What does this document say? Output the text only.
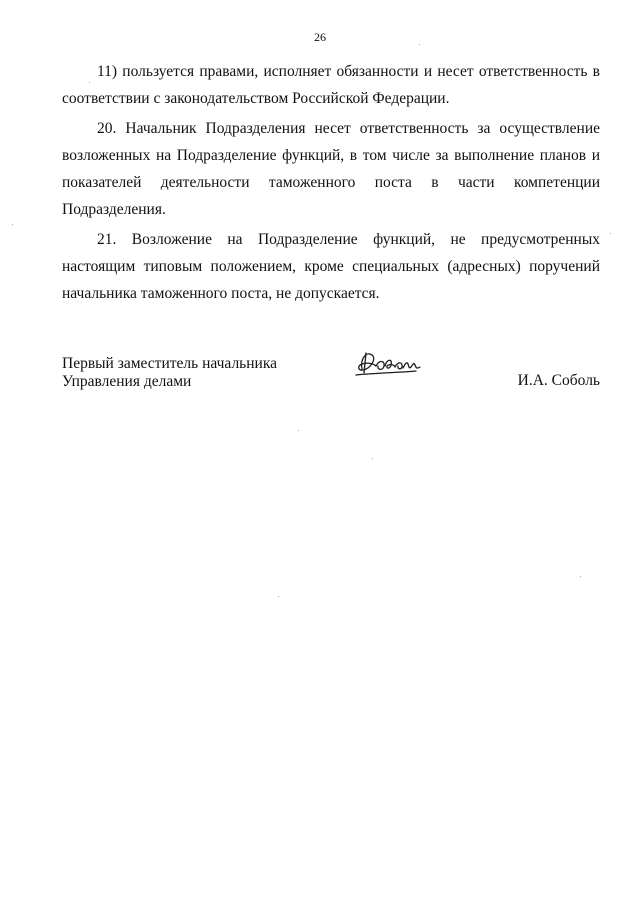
26

11) пользуется правами, исполняет обязанности и несет ответственность в соответствии с законодательством Российской Федерации.

20. Начальник Подразделения несет ответственность за осуществление возложенных на Подразделение функций, в том числе за выполнение планов и показателей деятельности таможенного поста в части компетенции Подразделения.

21. Возложение на Подразделение функций, не предусмотренных настоящим типовым положением, кроме специальных (адресных) поручений начальника таможенного поста, не допускается.

Первый заместитель начальника
Управления делами	И.А. Соболь
